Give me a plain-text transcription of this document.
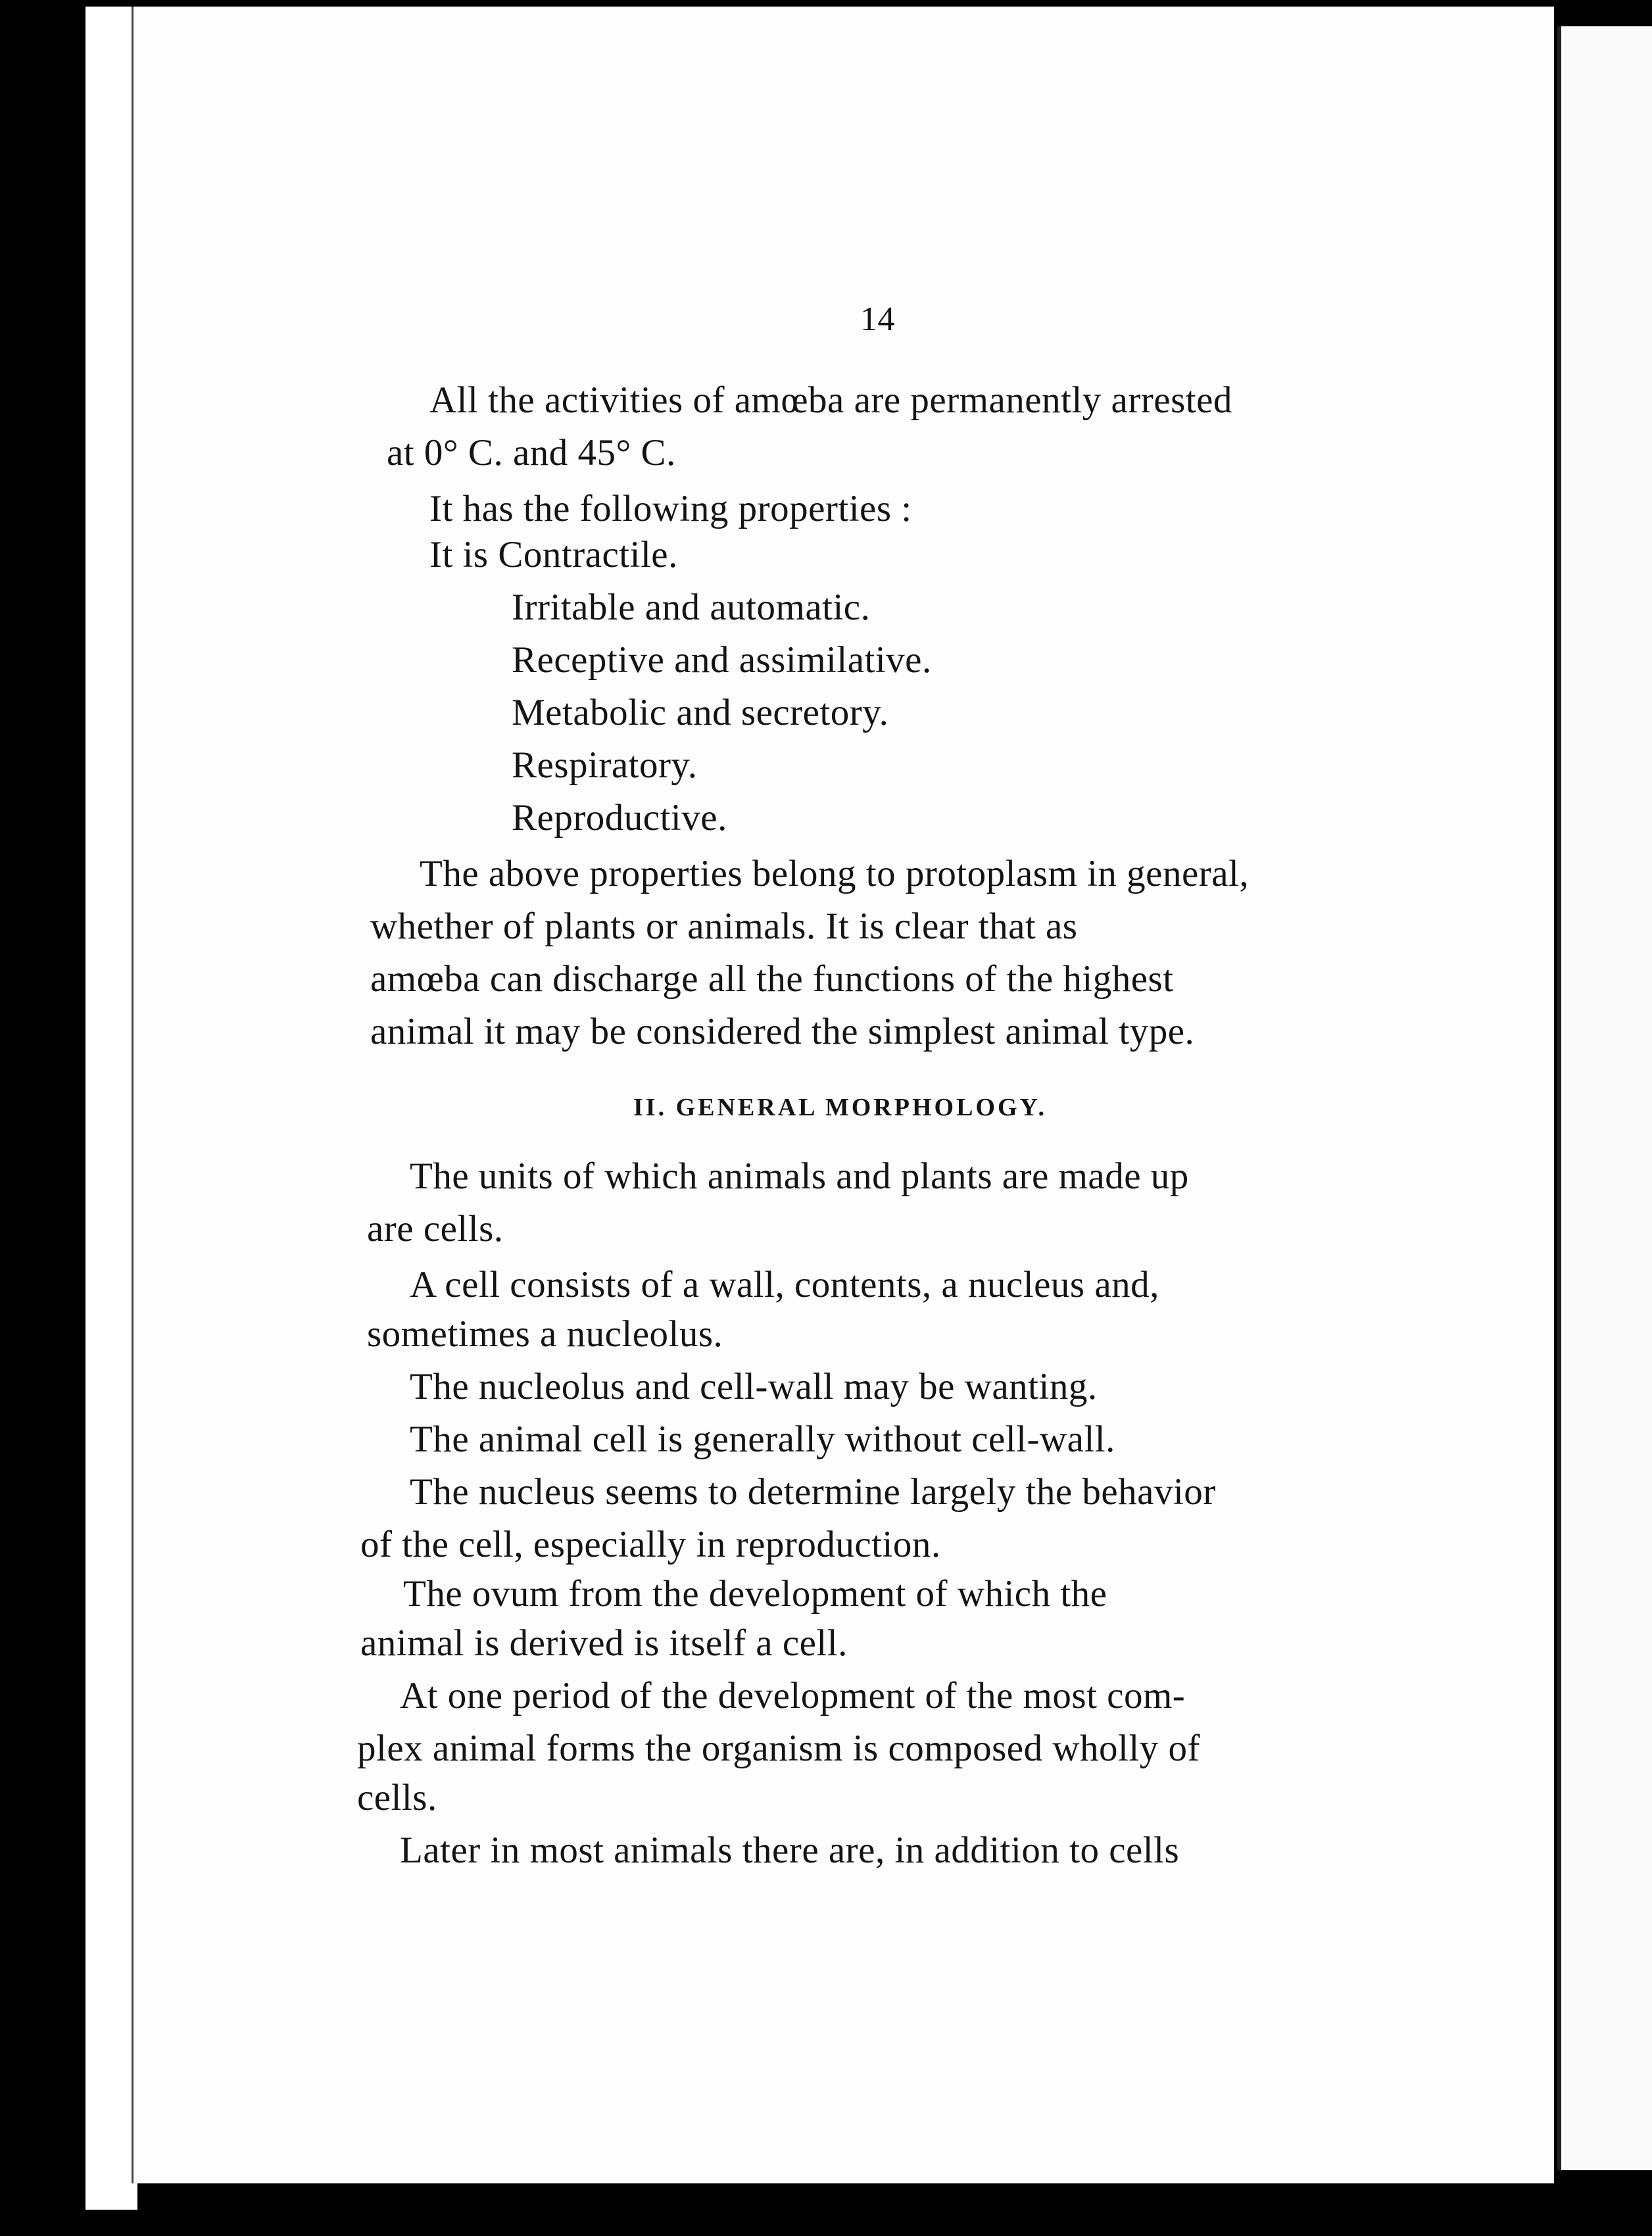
14
All the activities of amœba are permanently arrested
at 0° C. and 45° C.
It has the following properties :
It is Contractile.
Irritable and automatic.
Receptive and assimilative.
Metabolic and secretory.
Respiratory.
Reproductive.
The above properties belong to protoplasm in general,
whether of plants or animals. It is clear that as
amœba can discharge all the functions of the highest
animal it may be considered the simplest animal type.
II. GENERAL MORPHOLOGY.
The units of which animals and plants are made up
are cells.
A cell consists of a wall, contents, a nucleus and,
sometimes a nucleolus.
The nucleolus and cell-wall may be wanting.
The animal cell is generally without cell-wall.
The nucleus seems to determine largely the behavior
of the cell, especially in reproduction.
The ovum from the development of which the
animal is derived is itself a cell.
At one period of the development of the most com-
plex animal forms the organism is composed wholly of
cells.
Later in most animals there are, in addition to cells
